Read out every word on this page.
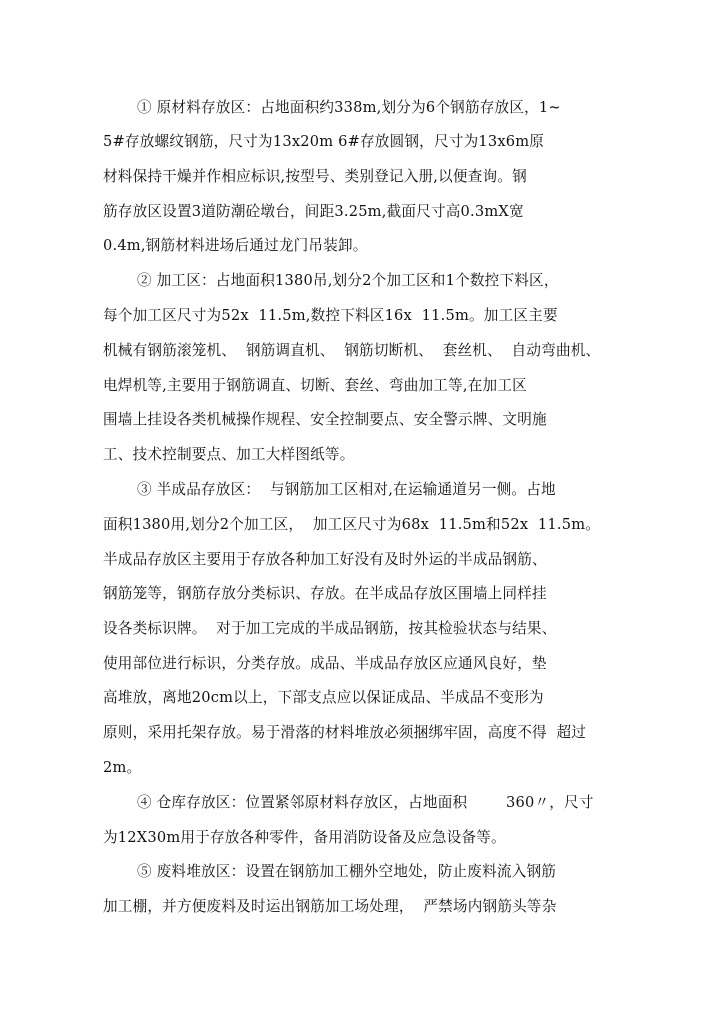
① 原材料存放区：占地面积约338m,划分为6个钢筋存放区，1~
5#存放螺纹钢筋，尺寸为13x20m 6#存放圆钢，尺寸为13x6m原
材料保持干燥并作相应标识,按型号、类别登记入册,以便查询。钢
筋存放区设置3道防潮砼墩台，间距3.25m,截面尺寸高0.3mX宽
0.4m,钢筋材料进场后通过龙门吊装卸。
② 加工区：占地面积1380吊,划分2个加工区和1个数控下料区，
每个加工区尺寸为52x  11.5m,数控下料区16x  11.5m。加工区主要
机械有钢筋滚笼机、  钢筋调直机、  钢筋切断机、  套丝机、  自动弯曲机、
电焊机等,主要用于钢筋调直、切断、套丝、弯曲加工等,在加工区
围墙上挂设各类机械操作规程、安全控制要点、安全警示牌、文明施
工、技术控制要点、加工大样图纸等。
③ 半成品存放区：  与钢筋加工区相对,在运输通道另一侧。占地
面积1380用,划分2个加工区，  加工区尺寸为68x  11.5m和52x  11.5m。
半成品存放区主要用于存放各种加工好没有及时外运的半成品钢筋、
钢筋笼等，钢筋存放分类标识、存放。在半成品存放区围墙上同样挂
设各类标识牌。  对于加工完成的半成品钢筋，按其检验状态与结果、
使用部位进行标识，分类存放。成品、半成品存放区应通风良好，垫
高堆放，离地20cm以上，下部支点应以保证成品、半成品不变形为
原则，采用托架存放。易于滑落的材料堆放必须捆绑牢固，高度不得  超过
2m。
④ 仓库存放区：位置紧邻原材料存放区，占地面积        360〃，尺寸
为12X30m用于存放各种零件，备用消防设备及应急设备等。
⑤ 废料堆放区：设置在钢筋加工棚外空地处，防止废料流入钢筋
加工棚，并方便废料及时运出钢筋加工场处理，  严禁场内钢筋头等杂
